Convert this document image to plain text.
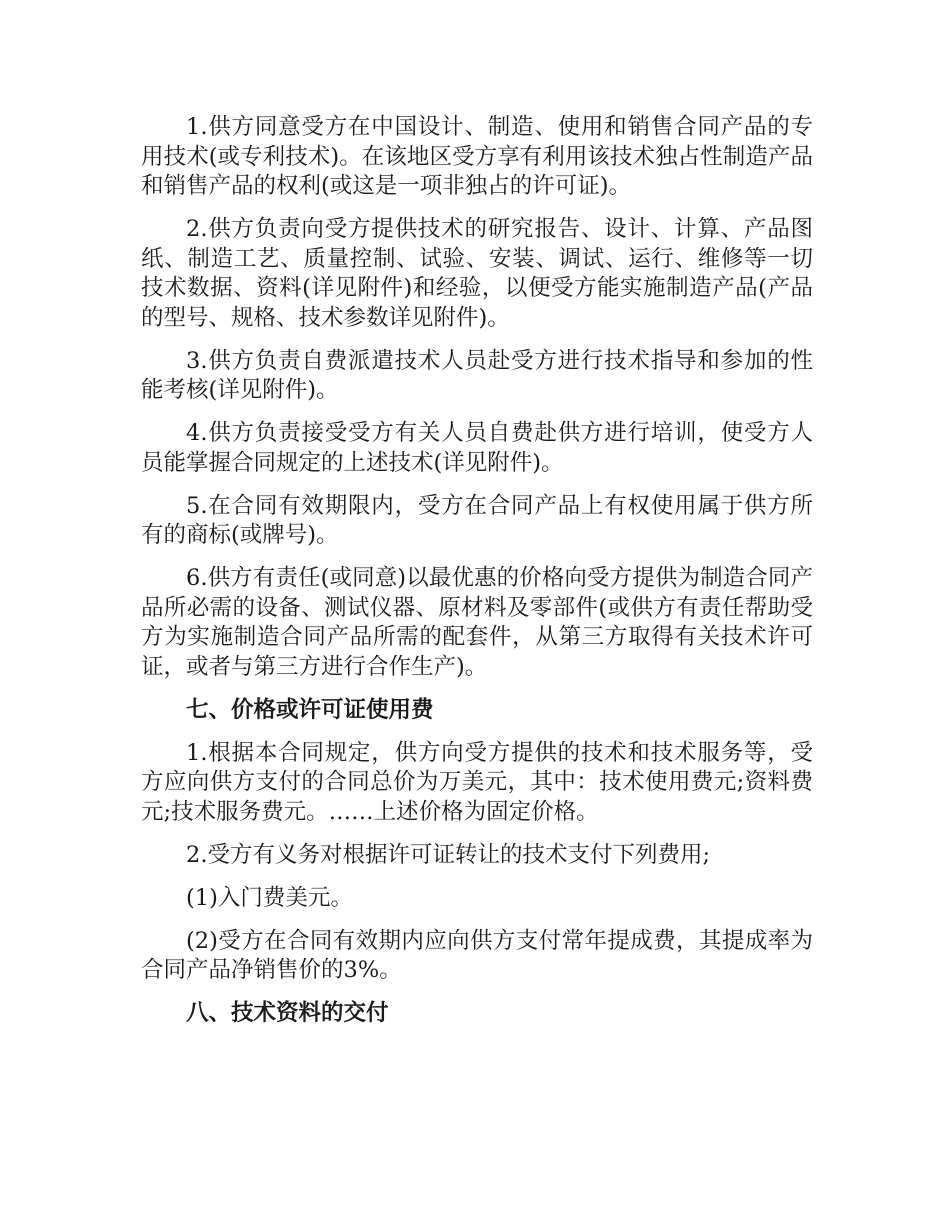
1.供方同意受方在中国设计、制造、使用和销售合同产品的专用技术(或专利技术)。在该地区受方享有利用该技术独占性制造产品和销售产品的权利(或这是一项非独占的许可证)。

2.供方负责向受方提供技术的研究报告、设计、计算、产品图纸、制造工艺、质量控制、试验、安装、调试、运行、维修等一切技术数据、资料(详见附件)和经验，以便受方能实施制造产品(产品的型号、规格、技术参数详见附件)。

3.供方负责自费派遣技术人员赴受方进行技术指导和参加的性能考核(详见附件)。

4.供方负责接受受方有关人员自费赴供方进行培训，使受方人员能掌握合同规定的上述技术(详见附件)。

5.在合同有效期限内，受方在合同产品上有权使用属于供方所有的商标(或牌号)。

6.供方有责任(或同意)以最优惠的价格向受方提供为制造合同产品所必需的设备、测试仪器、原材料及零部件(或供方有责任帮助受方为实施制造合同产品所需的配套件，从第三方取得有关技术许可证，或者与第三方进行合作生产)。

七、价格或许可证使用费

1.根据本合同规定，供方向受方提供的技术和技术服务等，受方应向供方支付的合同总价为万美元，其中：技术使用费元;资料费元;技术服务费元。……上述价格为固定价格。

2.受方有义务对根据许可证转让的技术支付下列费用;

(1)入门费美元。

(2)受方在合同有效期内应向供方支付常年提成费，其提成率为合同产品净销售价的3%。

八、技术资料的交付
